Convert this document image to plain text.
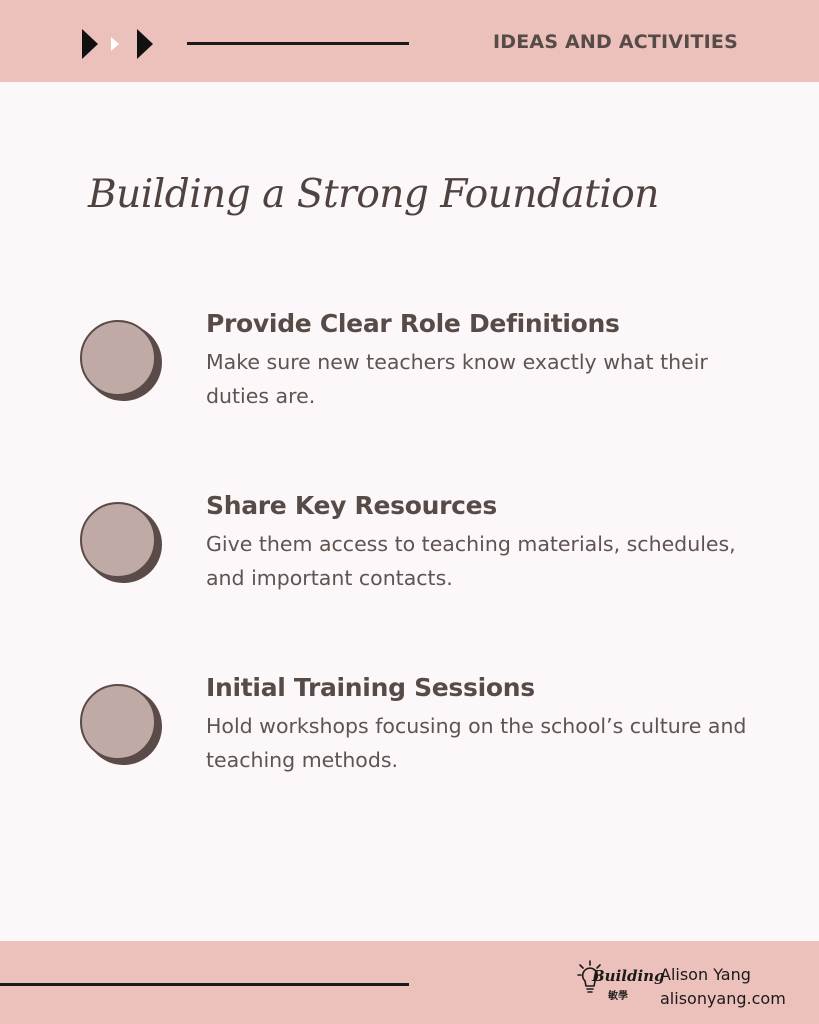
IDEAS AND ACTIVITIES
Building a Strong Foundation
Provide Clear Role Definitions
Make sure new teachers know exactly what their duties are.
Share Key Resources
Give them access to teaching materials, schedules, and important contacts.
Initial Training Sessions
Hold workshops focusing on the school’s culture and teaching methods.
Building
敏學
Alison Yang
alisonyang.com
